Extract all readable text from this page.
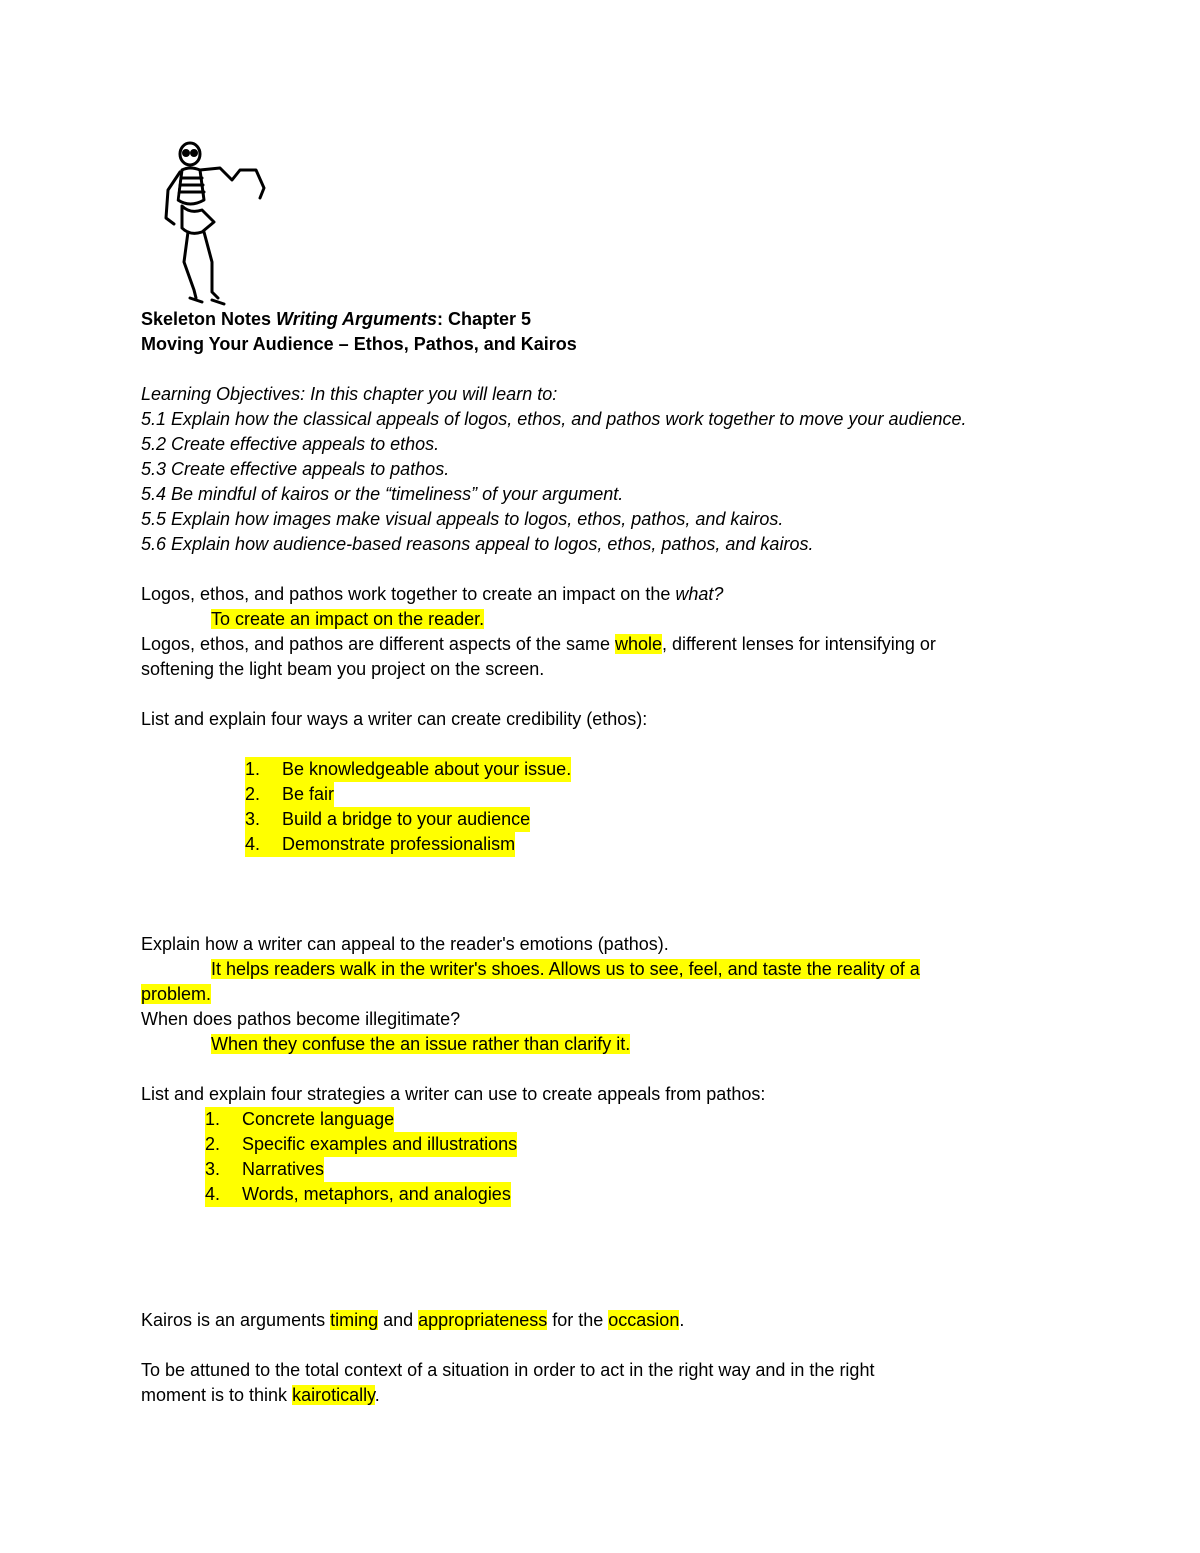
Skeleton Notes Writing Arguments: Chapter 5
Moving Your Audience – Ethos, Pathos, and Kairos
Learning Objectives: In this chapter you will learn to:
5.1 Explain how the classical appeals of logos, ethos, and pathos work together to move your audience.
5.2 Create effective appeals to ethos.
5.3 Create effective appeals to pathos.
5.4 Be mindful of kairos or the “timeliness” of your argument.
5.5 Explain how images make visual appeals to logos, ethos, pathos, and kairos.
5.6 Explain how audience-based reasons appeal to logos, ethos, pathos, and kairos.
Logos, ethos, and pathos work together to create an impact on the what?
To create an impact on the reader.
Logos, ethos, and pathos are different aspects of the same whole, different lenses for intensifying or
softening the light beam you project on the screen.
List and explain four ways a writer can create credibility (ethos):
1. Be knowledgeable about your issue.
2. Be fair
3. Build a bridge to your audience
4. Demonstrate professionalism
Explain how a writer can appeal to the reader's emotions (pathos).
It helps readers walk in the writer's shoes. Allows us to see, feel, and taste the reality of a
problem.
When does pathos become illegitimate?
When they confuse the an issue rather than clarify it.
List and explain four strategies a writer can use to create appeals from pathos:
1. Concrete language
2. Specific examples and illustrations
3. Narratives
4. Words, metaphors, and analogies
Kairos is an arguments timing and appropriateness for the occasion.
To be attuned to the total context of a situation in order to act in the right way and in the right
moment is to think kairotically.
